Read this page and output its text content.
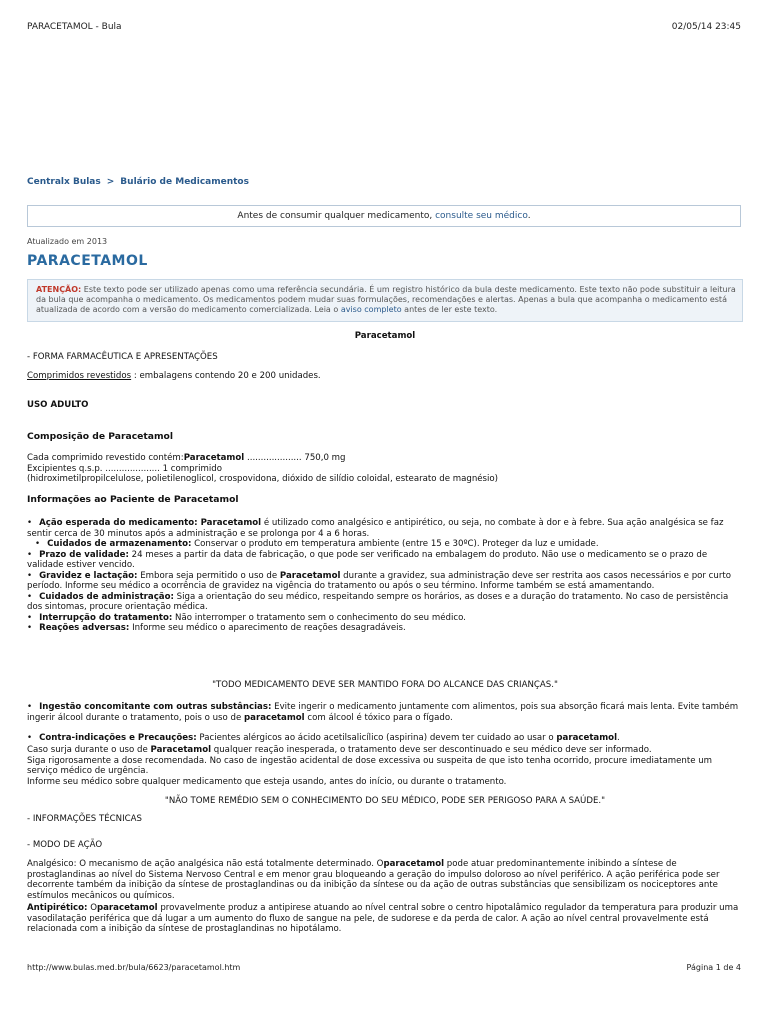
PARACETAMOL - Bula	02/05/14 23:45
Centralx Bulas > Bulário de Medicamentos
Antes de consumir qualquer medicamento, consulte seu médico.
Atualizado em 2013
PARACETAMOL
ATENÇÃO: Este texto pode ser utilizado apenas como uma referência secundária. É um registro histórico da bula deste medicamento. Este texto não pode substituir a leitura da bula que acompanha o medicamento. Os medicamentos podem mudar suas formulações, recomendações e alertas. Apenas a bula que acompanha o medicamento está atualizada de acordo com a versão do medicamento comercializada. Leia o aviso completo antes de ler este texto.
Paracetamol
- FORMA FARMACÊUTICA E APRESENTAÇÕES
Comprimidos revestidos : embalagens contendo 20 e 200 unidades.
USO ADULTO
Composição de Paracetamol
Cada comprimido revestido contém:Paracetamol .................... 750,0 mg
Excipientes q.s.p. .................... 1 comprimido
(hidroximetilpropilcelulose, polietilenoglicol, crospovidona, dióxido de silídio coloidal, estearato de magnésio)
Informações ao Paciente de Paracetamol
• Ação esperada do medicamento: Paracetamol é utilizado como analgésico e antipirético, ou seja, no combate à dor e à febre. Sua ação analgésica se faz sentir cerca de 30 minutos após a administração e se prolonga por 4 a 6 horas.
• Cuidados de armazenamento: Conservar o produto em temperatura ambiente (entre 15 e 30ºC). Proteger da luz e umidade.
• Prazo de validade: 24 meses a partir da data de fabricação, o que pode ser verificado na embalagem do produto. Não use o medicamento se o prazo de validade estiver vencido.
• Gravidez e lactação: Embora seja permitido o uso de Paracetamol durante a gravidez, sua administração deve ser restrita aos casos necessários e por curto período. Informe seu médico a ocorrência de gravidez na vigência do tratamento ou após o seu término. Informe também se está amamentando.
• Cuidados de administração: Siga a orientação do seu médico, respeitando sempre os horários, as doses e a duração do tratamento. No caso de persistência dos sintomas, procure orientação médica.
• Interrupção do tratamento: Não interromper o tratamento sem o conhecimento do seu médico.
• Reações adversas: Informe seu médico o aparecimento de reações desagradáveis.
"TODO MEDICAMENTO DEVE SER MANTIDO FORA DO ALCANCE DAS CRIANÇAS."
• Ingestão concomitante com outras substâncias: Evite ingerir o medicamento juntamente com alimentos, pois sua absorção ficará mais lenta. Evite também ingerir álcool durante o tratamento, pois o uso de paracetamol com álcool é tóxico para o fígado.
• Contra-indicações e Precauções: Pacientes alérgicos ao ácido acetilsalicílico (aspirina) devem ter cuidado ao usar o paracetamol.
Caso surja durante o uso de Paracetamol qualquer reação inesperada, o tratamento deve ser descontinuado e seu médico deve ser informado.
Siga rigorosamente a dose recomendada. No caso de ingestão acidental de dose excessiva ou suspeita de que isto tenha ocorrido, procure imediatamente um serviço médico de urgência.
Informe seu médico sobre qualquer medicamento que esteja usando, antes do início, ou durante o tratamento.
"NÃO TOME REMÉDIO SEM O CONHECIMENTO DO SEU MÉDICO, PODE SER PERIGOSO PARA A SAÚDE."
- INFORMAÇÕES TÉCNICAS
- MODO DE AÇÃO
Analgésico: O mecanismo de ação analgésica não está totalmente determinado. Oparacetamol pode atuar predominantemente inibindo a síntese de prostaglandinas ao nível do Sistema Nervoso Central e em menor grau bloqueando a geração do impulso doloroso ao nível periférico. A ação periférica pode ser decorrente também da inibição da síntese de prostaglandinas ou da inibição da síntese ou da ação de outras substâncias que sensibilizam os nociceptores ante estímulos mecânicos ou químicos.
Antipirético: Oparacetamol provavelmente produz a antipirese atuando ao nível central sobre o centro hipotalâmico regulador da temperatura para produzir uma vasodilatação periférica que dá lugar a um aumento do fluxo de sangue na pele, de sudorese e da perda de calor. A ação ao nível central provavelmente está relacionada com a inibição da síntese de prostaglandinas no hipotálamo.
http://www.bulas.med.br/bula/6623/paracetamol.htm	Página 1 de 4
